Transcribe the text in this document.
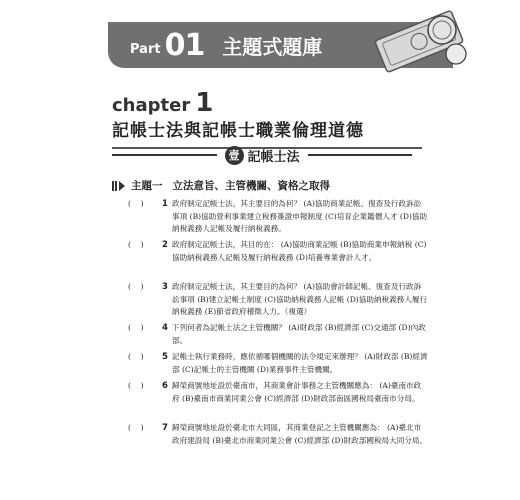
Part 01 主題式題庫
chapter 1
記帳士法與記帳士職業倫理道德
壹 記帳士法
主題一 立法意旨、主管機關、資格之取得
(    )	1 政府制定記帳士法，其主要目的為何？ (A)協助商業記帳、復查及行政訴訟事項 (B)協助營利事業建立稅務簽證申報制度 (C)培育企業鑑價人才 (D)協助納稅義務人記帳及履行納稅義務。
(    )	2 政府制定記帳士法，其目的在： (A)協助商業記帳 (B)協助商業申報納稅 (C)協助納稅義務人記帳及履行納稅義務 (D)培養專業會計人才。
(    )	3 政府制定記帳士法，其主要目的為何？ (A)協助會計師記帳、復查及行政訴訟事項 (B)建立記帳士制度 (C)協助納稅義務人記帳 (D)協助納稅義務人履行納稅義務 (E)節省政府稽徵人力。（複選）
(    )	4 下列何者為記帳士法之主管機關？ (A)財政部 (B)經濟部 (C)交通部 (D)內政部。
(    )	5 記帳士執行業務時，應依循哪個機關的法令規定來辦理？ (A)財政部 (B)經濟部 (C)記帳士的主管機關 (D)業務事件主管機關。
(    )	6 歸榮商號地址設於臺南市，其商業會計事務之主管機關應為： (A)臺南市政府 (B)臺南市商業同業公會 (C)經濟部 (D)財政部南區國稅局臺南市分局。
(    )	7 歸榮商號地址設於臺北市大同區，其商業登記之主管機關應為： (A)臺北市政府建設局 (B)臺北市商業同業公會 (C)經濟部 (D)財政部國稅局大同分局。
